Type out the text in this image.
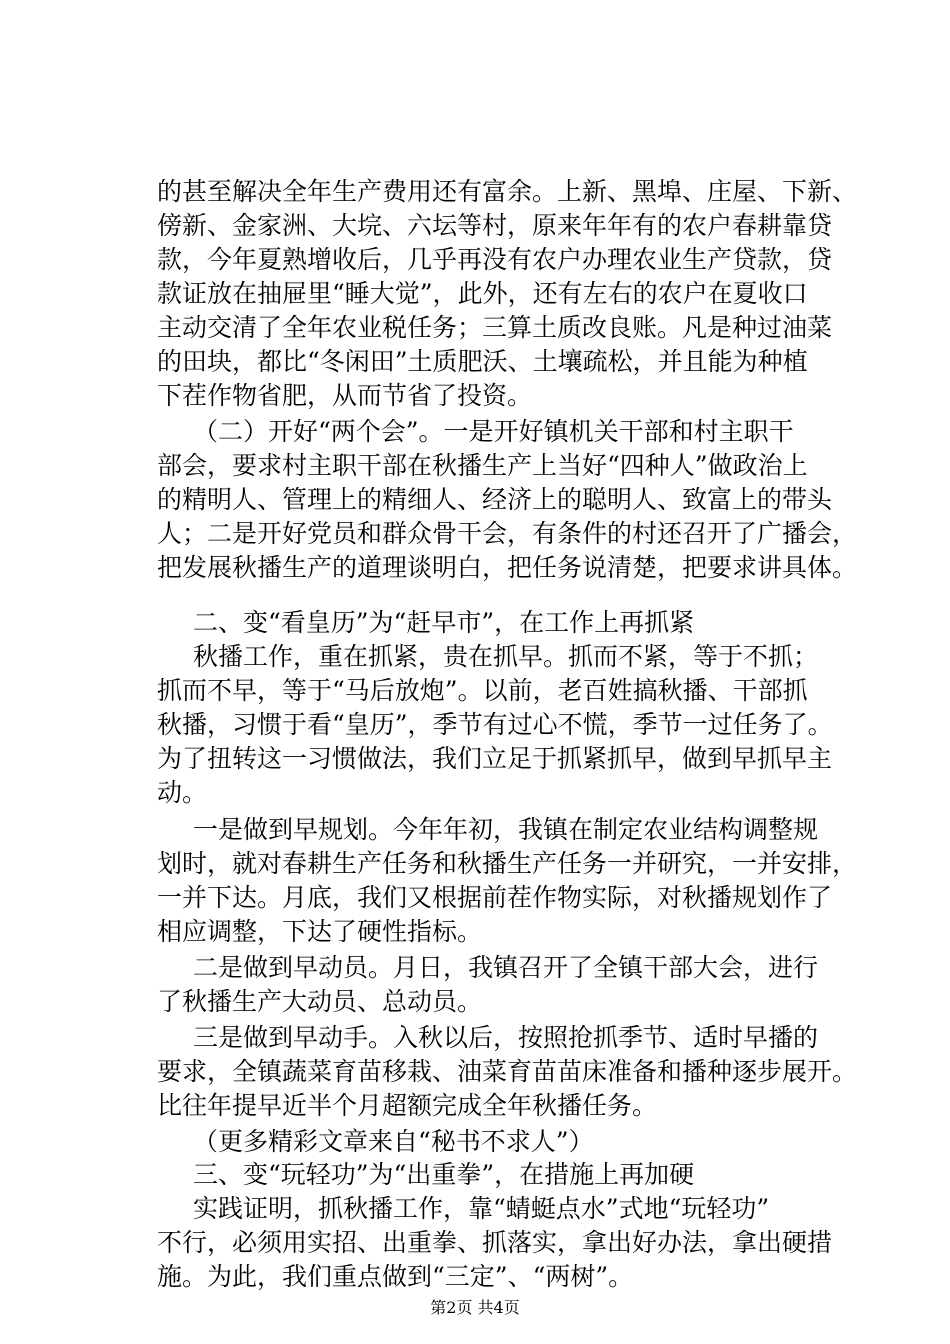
的甚至解决全年生产费用还有富余。上新、黑埠、庄屋、下新、
傍新、金家洲、大垸、六坛等村，原来年年有的农户春耕靠贷
款，今年夏熟增收后，几乎再没有农户办理农业生产贷款，贷
款证放在抽屉里“睡大觉”，此外，还有左右的农户在夏收口
主动交清了全年农业税任务；三算土质改良账。凡是种过油菜
的田块，都比“冬闲田”土质肥沃、土壤疏松，并且能为种植
下茬作物省肥，从而节省了投资。
（二）开好“两个会”。一是开好镇机关干部和村主职干
部会，要求村主职干部在秋播生产上当好“四种人”做政治上
的精明人、管理上的精细人、经济上的聪明人、致富上的带头
人；二是开好党员和群众骨干会，有条件的村还召开了广播会，
把发展秋播生产的道理谈明白，把任务说清楚，把要求讲具体。
二、变“看皇历”为“赶早市”，在工作上再抓紧
秋播工作，重在抓紧，贵在抓早。抓而不紧，等于不抓；
抓而不早，等于“马后放炮”。以前，老百姓搞秋播、干部抓
秋播，习惯于看“皇历”，季节有过心不慌，季节一过任务了。
为了扭转这一习惯做法，我们立足于抓紧抓早，做到早抓早主
动。
一是做到早规划。今年年初，我镇在制定农业结构调整规
划时，就对春耕生产任务和秋播生产任务一并研究，一并安排，
一并下达。月底，我们又根据前茬作物实际，对秋播规划作了
相应调整，下达了硬性指标。
二是做到早动员。月日，我镇召开了全镇干部大会，进行
了秋播生产大动员、总动员。
三是做到早动手。入秋以后，按照抢抓季节、适时早播的
要求，全镇蔬菜育苗移栽、油菜育苗苗床准备和播种逐步展开。
比往年提早近半个月超额完成全年秋播任务。
（更多精彩文章来自“秘书不求人”）
三、变“玩轻功”为“出重拳”，在措施上再加硬
实践证明，抓秋播工作，靠“蜻蜓点水”式地“玩轻功”
不行，必须用实招、出重拳、抓落实，拿出好办法，拿出硬措
施。为此，我们重点做到“三定”、“两树”。
第2页 共4页
